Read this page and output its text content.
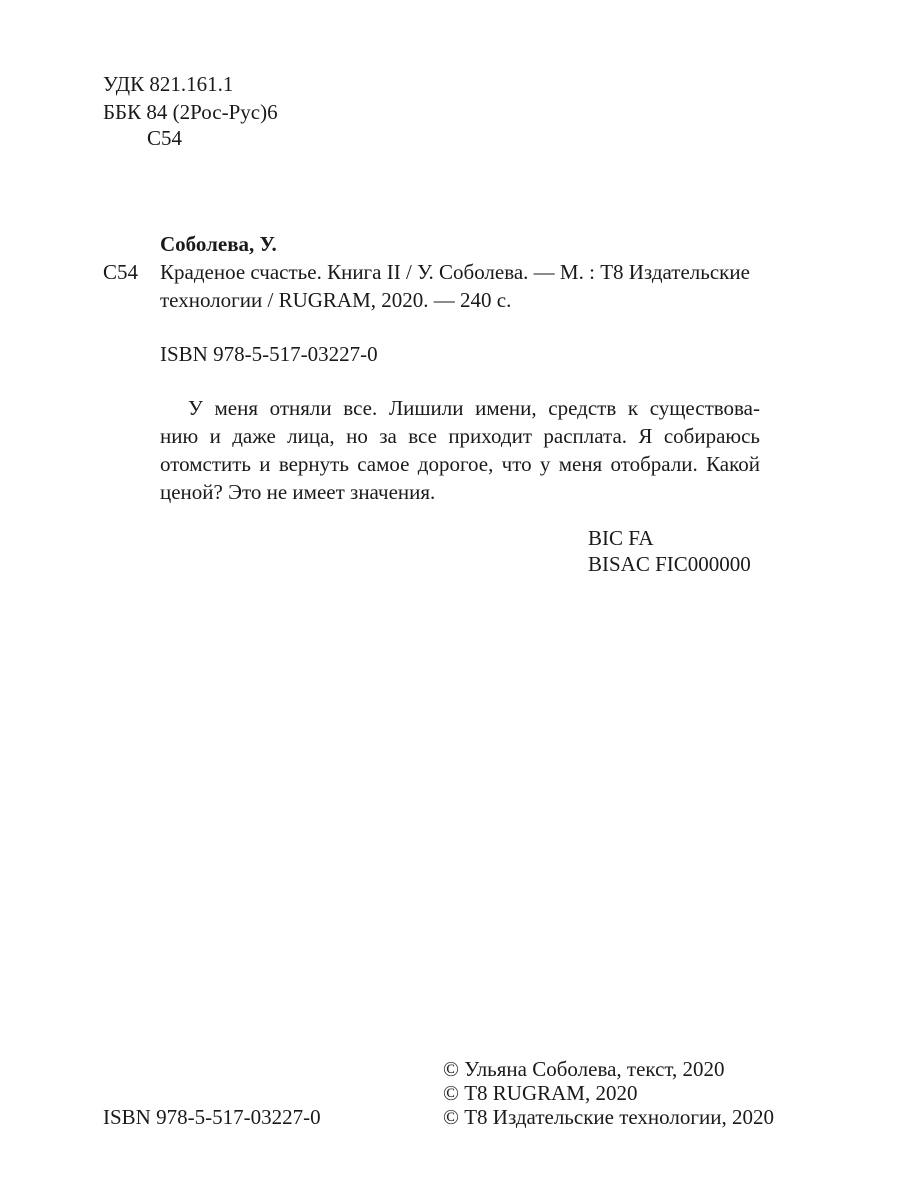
УДК 821.161.1
ББК 84 (2Рос-Рус)6
С54
Соболева, У.
С54 Краденое счастье. Книга II / У. Соболева. — М. : Т8 Издательские
технологии / RUGRAM, 2020. — 240 с.
ISBN 978-5-517-03227-0
У меня отняли все. Лишили имени, средств к существова-
нию и даже лица, но за все приходит расплата. Я собираюсь
отомстить и вернуть самое дорогое, что у меня отобрали. Какой
ценой? Это не имеет значения.
BIC FA
BISAC FIC000000
© Ульяна Соболева, текст, 2020
© Т8 RUGRAM, 2020
© Т8 Издательские технологии, 2020
ISBN 978-5-517-03227-0
